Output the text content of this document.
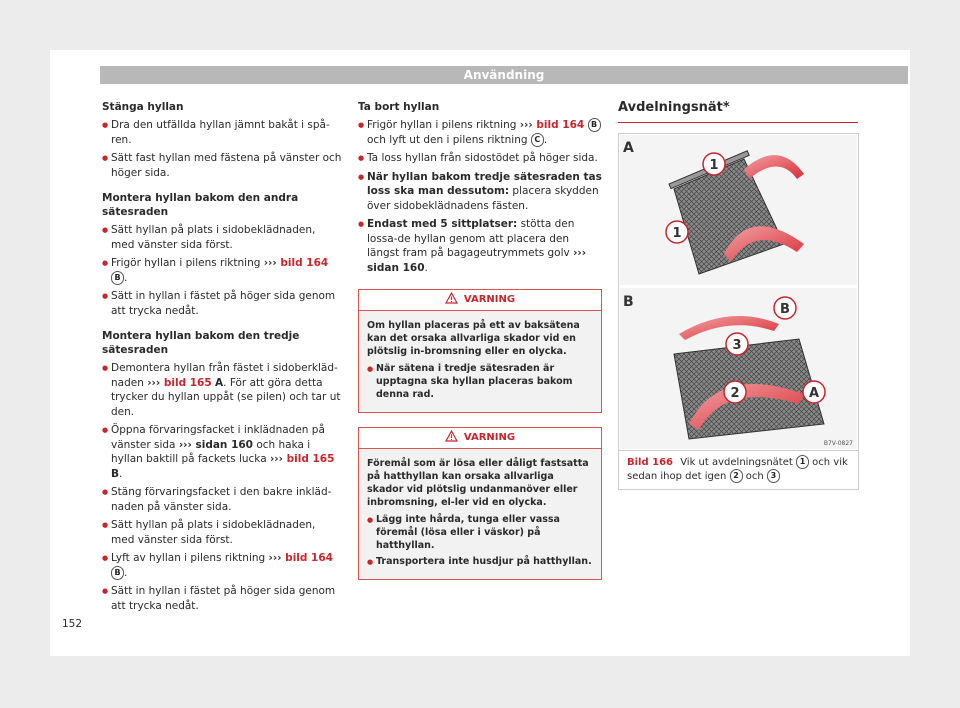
Användning
Stänga hyllan
● Dra den utfällda hyllan jämnt bakåt i spå-ren.
● Sätt fast hyllan med fästena på vänster och höger sida.
Montera hyllan bakom den andra sätesraden
● Sätt hyllan på plats i sidobeklädnaden, med vänster sida först.
● Frigör hyllan i pilens riktning ››› bild 164
B .
● Sätt in hyllan i fästet på höger sida genom att trycka nedåt.
Montera hyllan bakom den tredje sätesraden
● Demontera hyllan från fästet i sidoberkläd-naden ››› bild 165 A. För att göra detta trycker du hyllan uppåt (se pilen) och tar ut den.
● Öppna förvaringsfacket i inklädnaden på vänster sida ››› sidan 160 och haka i hyllan baktill på fackets lucka ››› bild 165 B.
● Stäng förvaringsfacket i den bakre inkläd-naden på vänster sida.
● Sätt hyllan på plats i sidobeklädnaden, med vänster sida först.
● Lyft av hyllan i pilens riktning ››› bild 164
B .
● Sätt in hyllan i fästet på höger sida genom att trycka nedåt.
Ta bort hyllan
● Frigör hyllan i pilens riktning ››› bild 164 B
och lyft ut den i pilens riktning C .
● Ta loss hyllan från sidostödet på höger sida.
● När hyllan bakom tredje sätesraden tas loss ska man dessutom: placera skydden över sidobeklädnadens fästen.
● Endast med 5 sittplatser: stötta den lossa-de hyllan genom att placera den längst fram på bagageutrymmets golv ››› sidan 160.
VARNING

Om hyllan placeras på ett av baksätena kan det orsaka allvarliga skador vid en plötslig in-bromsning eller en olycka.

● När sätena i tredje sätesraden är upptagna ska hyllan placeras bakom denna rad.
VARNING

Föremål som är lösa eller dåligt fastsatta på hatthyllan kan orsaka allvarliga skador vid plötslig undanmanöver eller inbromsning, el-ler vid en olycka.

● Lägg inte hårda, tunga eller vassa föremål (lösa eller i väskor) på hatthyllan.
● Transportera inte husdjur på hatthyllan.
Avdelningsnät*
A
1
1
B	B
3
2	A
B7V-0827
Bild 166 Vik ut avdelningsnätet 1 och vik sedan ihop det igen 2 och 3
152
